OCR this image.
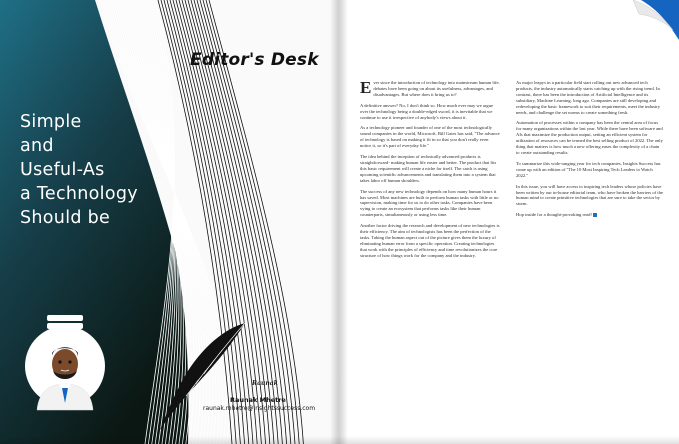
Simple
and
Useful-As
a Technology
Should be
Editor's Desk
Raunak
Raunak Mhetre
raunak.mhetre@insightssuccess.com

Ever since the introduction of technology into mainstream human life, debates have been going on about its usefulness, advantages, and disadvantages. But where does it bring us to?

A definitive answer? No, I don't think so. How much ever may we argue over the technology being a double-edged sword, it is inevitable that we continue to use it irrespective of anybody's views about it.

As a technology pioneer and founder of one of the most technologically sound companies in the world, Microsoft, Bill Gates has said, "The advance of technology is based on making it fit in so that you don't really even notice it, so it's part of everyday life."

The idea behind the inception of technically advanced products is straightforward- making human life easier and better. The product that fits this basic requirement will create a niche for itself. The catch is using upcoming scientific advancements and translating them into a system that takes labor off human shoulders.

The success of any new technology depends on how many human hours it has saved. Most machines are built to perform human tasks with little or no supervision, making time for us to do other tasks. Companies have been vying to create an ecosystem that performs tasks like their human counterparts, simultaneously or using less time.

Another factor driving the research and development of new technologies is their efficiency. The aim of technologists has been the perfection of the tasks. Taking the human aspect out of the picture gives them the luxury of eliminating human error from a specific operation. Creating technologies that work with the principles of efficiency and time revolutionizes the core structure of how things work for the company and the industry.

As major leapys in a particular field start rolling out new advanced tech products, the industry automatically starts catching up with the rising trend. In contrast, there has been the introduction of Artificial Intelligence and its subsidiary, Machine Learning, long ago. Companies are still developing and redeveloping the basic framework to suit their requirements, meet the industry needs, and challenge the set norms to create something fresh.

Automation of processes within a company has been the central area of focus for many organizations within the last year. While there have been software and AIs that maximize the production output, setting an efficient system for utilization of resources can be termed the best selling product of 2022. The only thing that matters is how much a new offering eases the complexity of a chain to create outstanding results.

To summarize this wide-ranging year for tech companies, Insights Success has come up with an edition of "The 10 Most Inspiring Tech Leaders to Watch 2022."

In this issue, you will have access to inspiring tech leaders whose policies have been written by our in-house editorial team, who have broken the barriers of the human mind to create primitive technologies that are sure to take the sector by storm.

Hop inside for a thought-provoking read!
